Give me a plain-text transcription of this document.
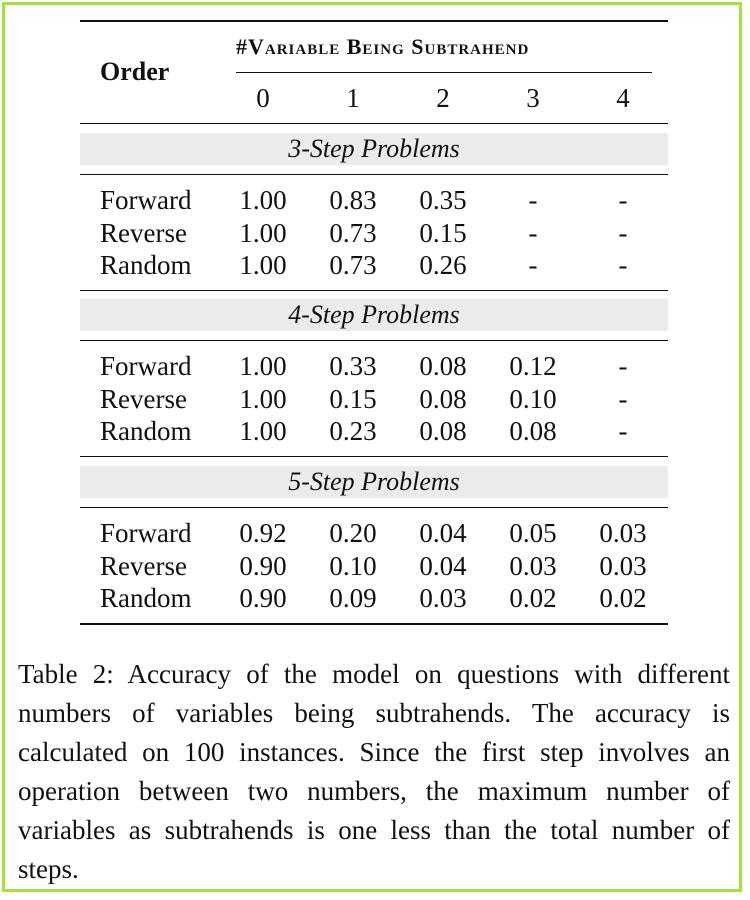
Order
#Variable Being Subtrahend
0	1	2	3	4
3-Step Problems
Forward	1.00	0.83	0.35	-	-
Reverse	1.00	0.73	0.15	-	-
Random	1.00	0.73	0.26	-	-
4-Step Problems
Forward	1.00	0.33	0.08	0.12	-
Reverse	1.00	0.15	0.08	0.10	-
Random	1.00	0.23	0.08	0.08	-
5-Step Problems
Forward	0.92	0.20	0.04	0.05	0.03
Reverse	0.90	0.10	0.04	0.03	0.03
Random	0.90	0.09	0.03	0.02	0.02
Table 2: Accuracy of the model on questions with different numbers of variables being subtrahends. The accuracy is calculated on 100 instances. Since the first step involves an operation between two numbers, the maximum number of variables as subtrahends is one less than the total number of steps.
